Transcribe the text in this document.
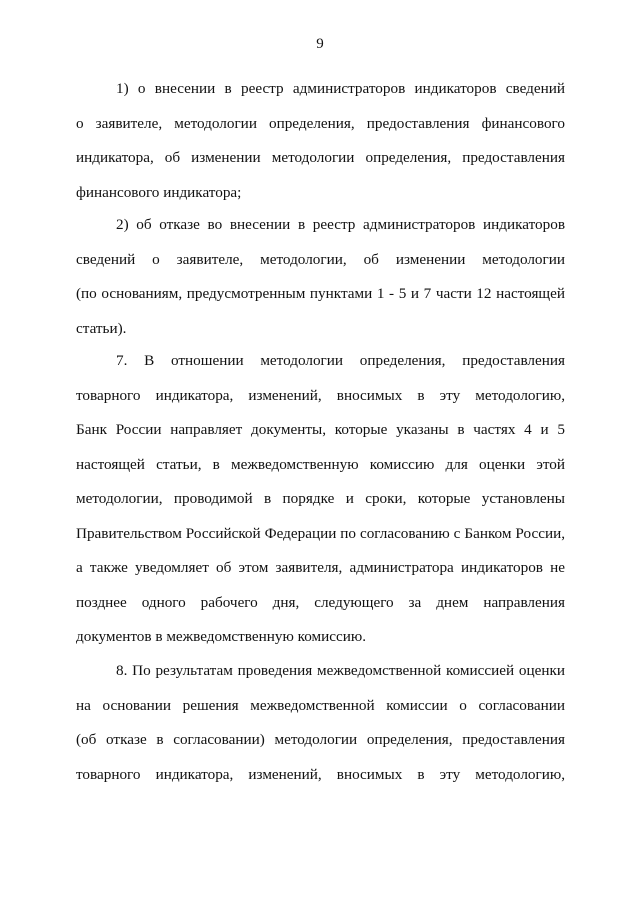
9

1) о внесении в реестр администраторов индикаторов сведений
о заявителе, методологии определения, предоставления финансового
индикатора, об изменении методологии определения, предоставления
финансового индикатора;

2) об отказе во внесении в реестр администраторов индикаторов
сведений о заявителе, методологии, об изменении методологии
(по основаниям, предусмотренным пунктами 1 - 5 и 7 части 12 настоящей
статьи).

7. В отношении методологии определения, предоставления
товарного индикатора, изменений, вносимых в эту методологию,
Банк России направляет документы, которые указаны в частях 4 и 5
настоящей статьи, в межведомственную комиссию для оценки этой
методологии, проводимой в порядке и сроки, которые установлены
Правительством Российской Федерации по согласованию с Банком России,
а также уведомляет об этом заявителя, администратора индикаторов не
позднее одного рабочего дня, следующего за днем направления
документов в межведомственную комиссию.

8. По результатам проведения межведомственной комиссией оценки
на основании решения межведомственной комиссии о согласовании
(об отказе в согласовании) методологии определения, предоставления
товарного индикатора, изменений, вносимых в эту методологию,
